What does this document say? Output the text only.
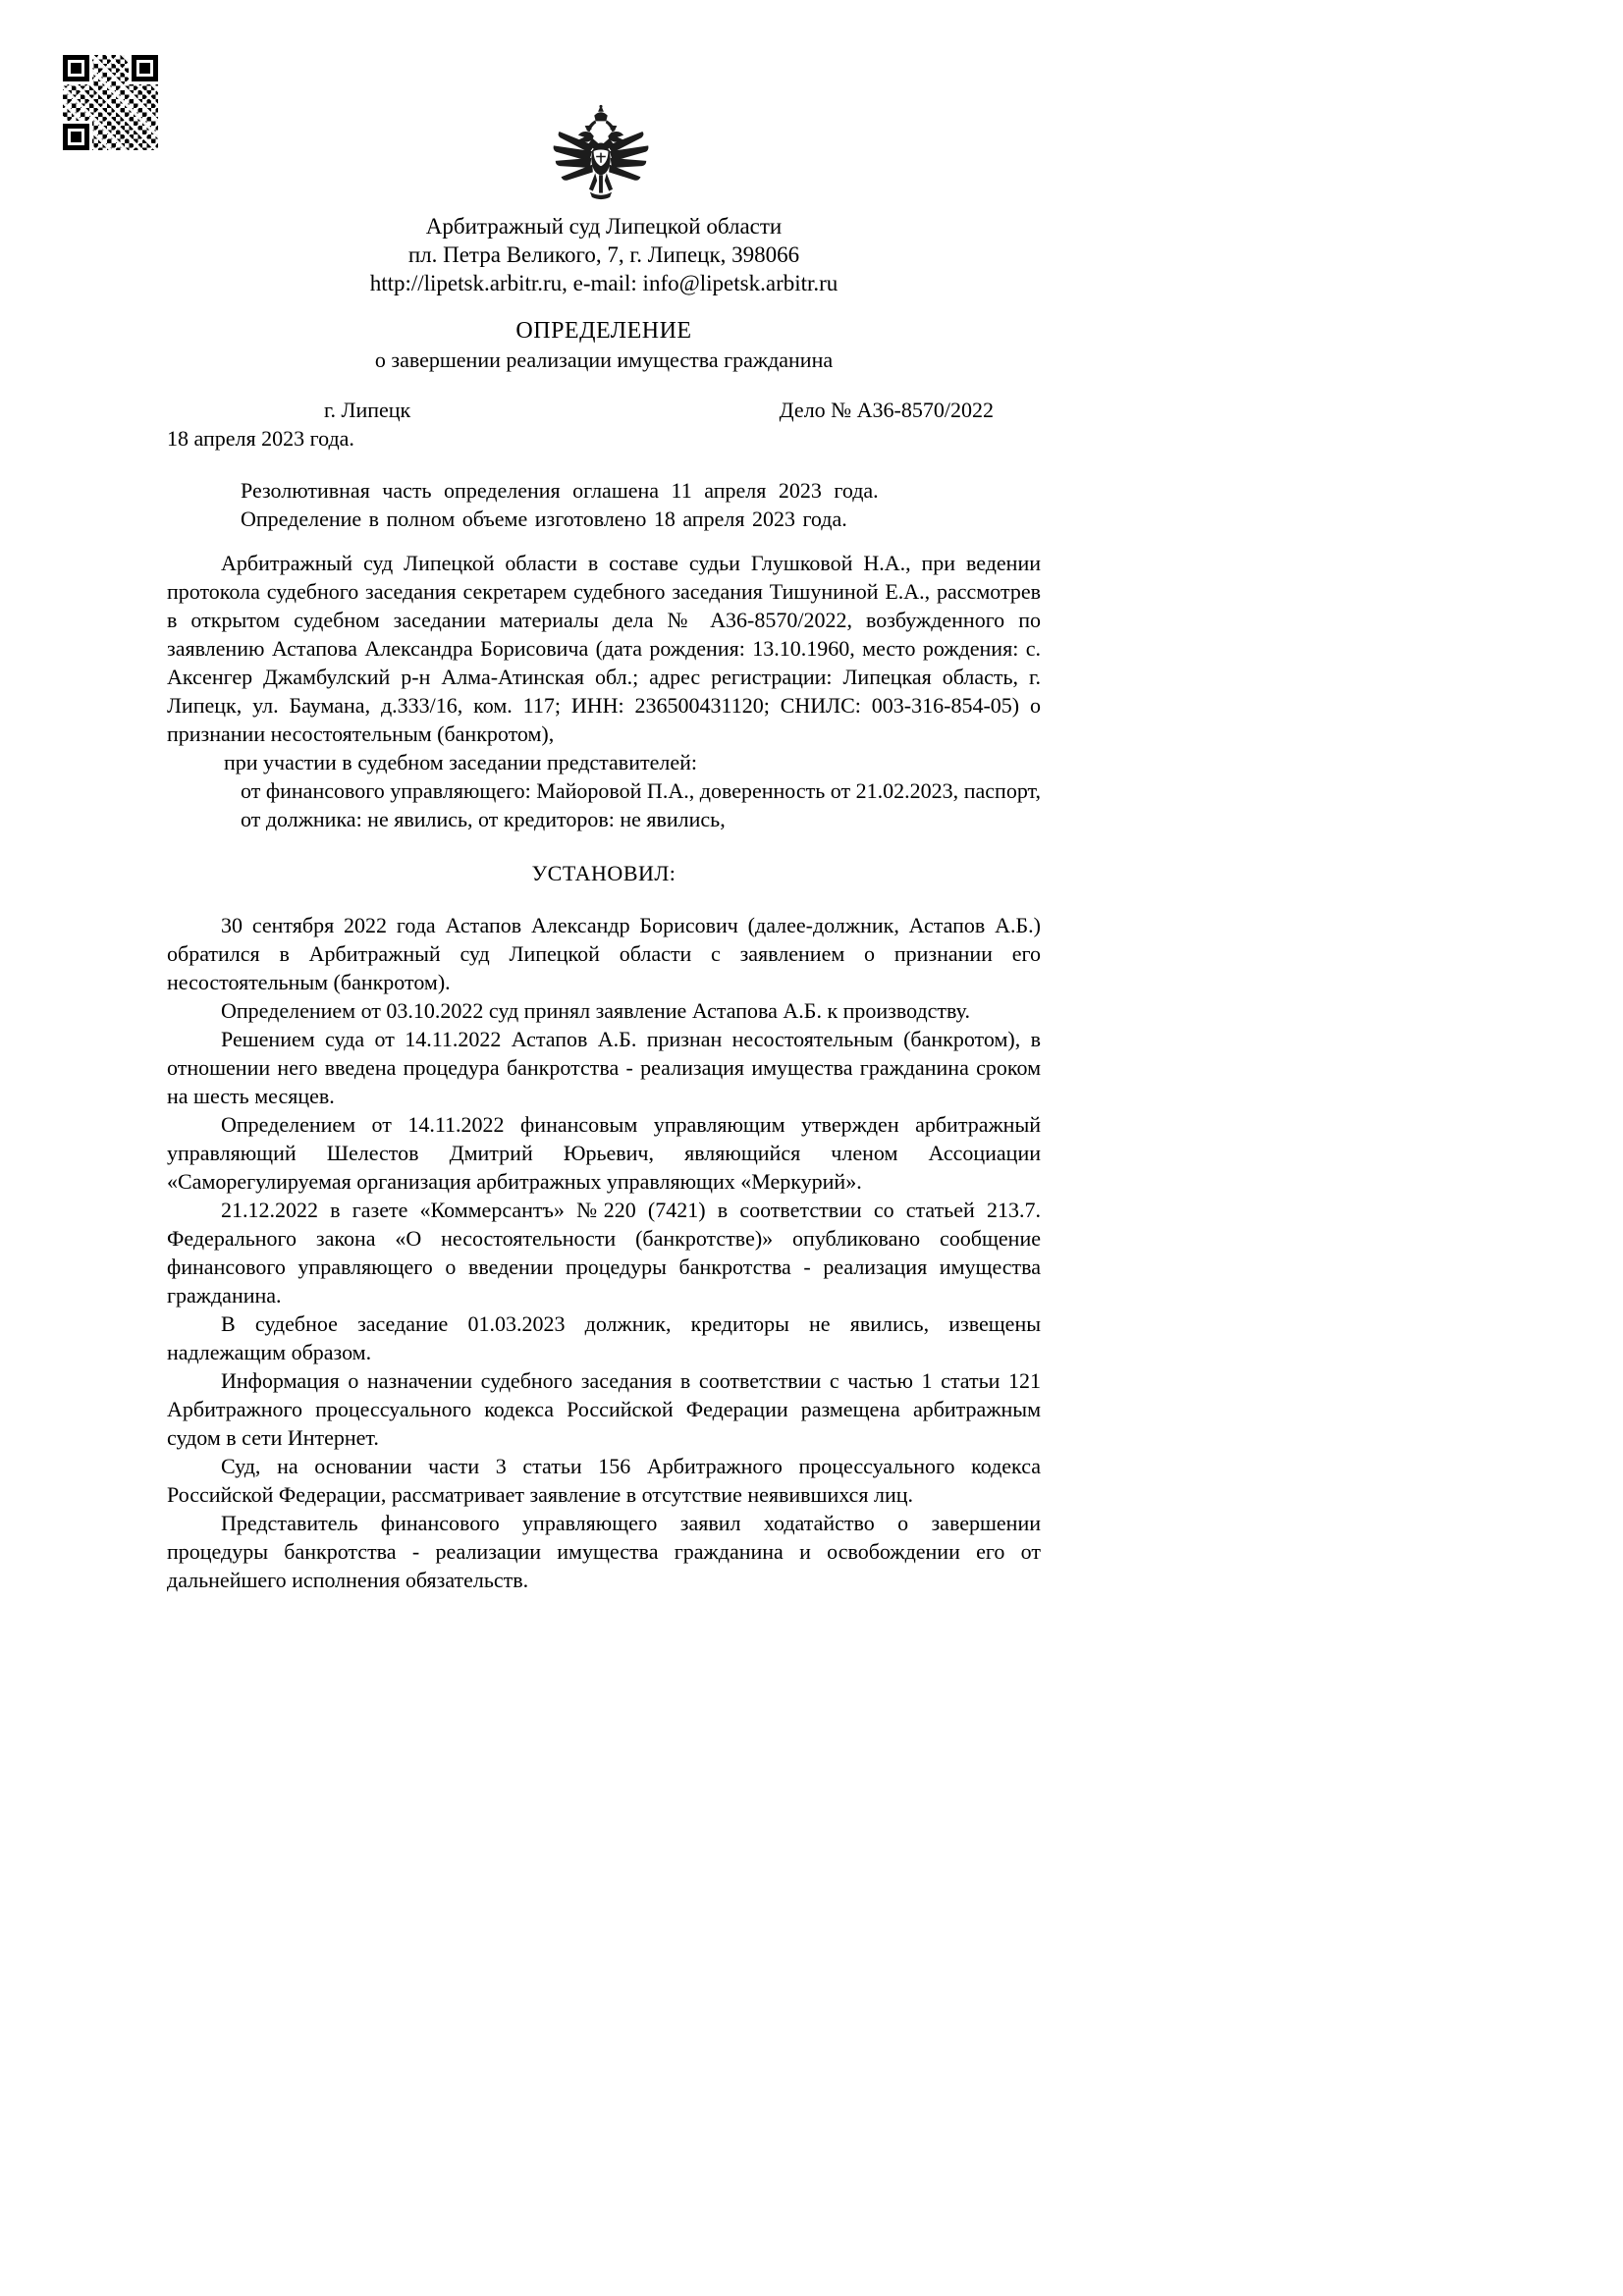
Арбитражный суд Липецкой области
пл. Петра Великого, 7, г. Липецк, 398066
http://lipetsk.arbitr.ru, e-mail: info@lipetsk.arbitr.ru
ОПРЕДЕЛЕНИЕ
о завершении реализации имущества гражданина
г. Липецк	Дело № А36-8570/2022
18 апреля 2023 года.
Резолютивная часть определения оглашена 11 апреля 2023 года.
Определение в полном объеме изготовлено 18 апреля 2023 года.

Арбитражный суд Липецкой области в составе судьи Глушковой Н.А., при ведении протокола судебного заседания секретарем судебного заседания Тишуниной Е.А., рассмотрев в открытом судебном заседании материалы дела № А36-8570/2022, возбужденного по заявлению Астапова Александра Борисовича (дата рождения: 13.10.1960, место рождения: с. Аксенгер Джамбулский р-н Алма-Атинская обл.; адрес регистрации: Липецкая область, г. Липецк, ул. Баумана, д.333/16, ком. 117; ИНН: 236500431120; СНИЛС: 003-316-854-05) о признании несостоятельным (банкротом),

при участии в судебном заседании представителей:

от финансового управляющего: Майоровой П.А., доверенность от 21.02.2023, паспорт, от должника: не явились, от кредиторов: не явились,

УСТАНОВИЛ:

30 сентября 2022 года Астапов Александр Борисович (далее-должник, Астапов А.Б.) обратился в Арбитражный суд Липецкой области с заявлением о признании его несостоятельным (банкротом).

Определением от 03.10.2022 суд принял заявление Астапова А.Б. к производству.

Решением суда от 14.11.2022 Астапов А.Б. признан несостоятельным (банкротом), в отношении него введена процедура банкротства - реализация имущества гражданина сроком на шесть месяцев.

Определением от 14.11.2022 финансовым управляющим утвержден арбитражный управляющий Шелестов Дмитрий Юрьевич, являющийся членом Ассоциации «Саморегулируемая организация арбитражных управляющих «Меркурий».

21.12.2022 в газете «Коммерсантъ» №220 (7421) в соответствии со статьей 213.7. Федерального закона «О несостоятельности (банкротстве)» опубликовано сообщение финансового управляющего о введении процедуры банкротства - реализация имущества гражданина.

В судебное заседание 01.03.2023 должник, кредиторы не явились, извещены надлежащим образом.

Информация о назначении судебного заседания в соответствии с частью 1 статьи 121 Арбитражного процессуального кодекса Российской Федерации размещена арбитражным судом в сети Интернет.

Суд, на основании части 3 статьи 156 Арбитражного процессуального кодекса Российской Федерации, рассматривает заявление в отсутствие неявившихся лиц.

Представитель финансового управляющего заявил ходатайство о завершении процедуры банкротства - реализации имущества гражданина и освобождении его от дальнейшего исполнения обязательств.
